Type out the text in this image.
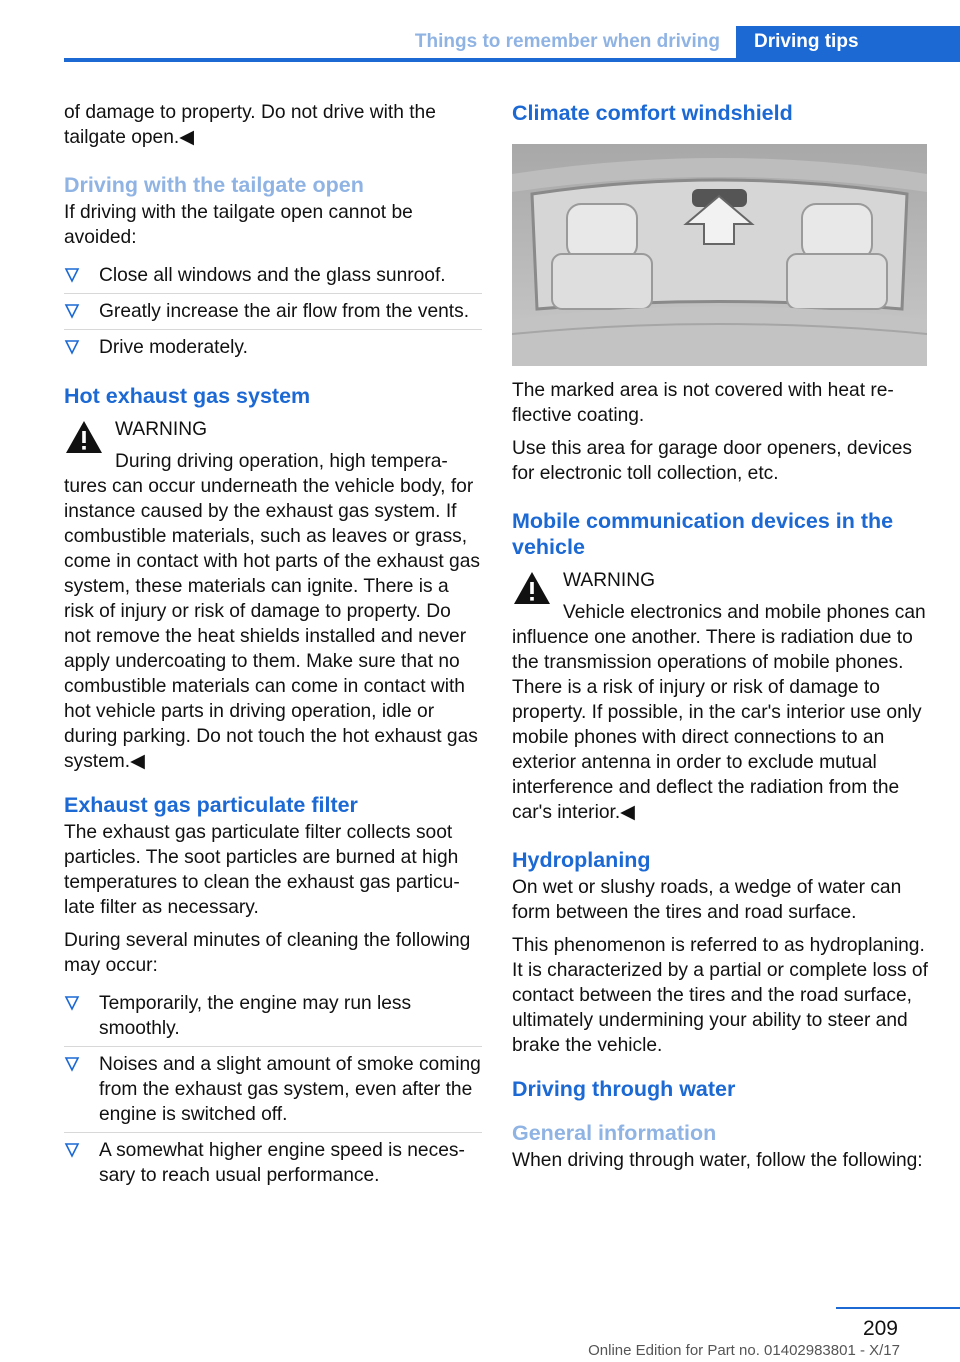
Things to remember when driving	Driving tips

of damage to property. Do not drive with the tailgate open.◀

Driving with the tailgate open

If driving with the tailgate open cannot be avoided:

Close all windows and the glass sunroof.
Greatly increase the air flow from the vents.
Drive moderately.
Hot exhaust gas system
WARNING
During driving operation, high temperatures can occur underneath the vehicle body, for instance caused by the exhaust gas system. If combustible materials, such as leaves or grass, come in contact with hot parts of the exhaust gas system, these materials can ignite. There is a risk of injury or risk of damage to property. Do not remove the heat shields installed and never apply undercoating to them. Make sure that no combustible materials can come in contact with hot vehicle parts in driving operation, idle or during parking. Do not touch the hot exhaust gas system.◀
Exhaust gas particulate filter

The exhaust gas particulate filter collects soot particles. The soot particles are burned at high temperatures to clean the exhaust gas particulate filter as necessary.

During several minutes of cleaning the following may occur:

Temporarily, the engine may run less smoothly.
Noises and a slight amount of smoke coming from the exhaust gas system, even after the engine is switched off.
A somewhat higher engine speed is necessary to reach usual performance.
Climate comfort windshield

The marked area is not covered with heat reflective coating.

Use this area for garage door openers, devices for electronic toll collection, etc.

Mobile communication devices in the vehicle
WARNING
Vehicle electronics and mobile phones can influence one another. There is radiation due to the transmission operations of mobile phones. There is a risk of injury or risk of damage to property. If possible, in the car's interior use only mobile phones with direct connections to an exterior antenna in order to exclude mutual interference and deflect the radiation from the car's interior.◀
Hydroplaning

On wet or slushy roads, a wedge of water can form between the tires and road surface.

This phenomenon is referred to as hydroplaning. It is characterized by a partial or complete loss of contact between the tires and the road surface, ultimately undermining your ability to steer and brake the vehicle.

Driving through water
General information

When driving through water, follow the following:

209
Online Edition for Part no. 01402983801 - X/17
